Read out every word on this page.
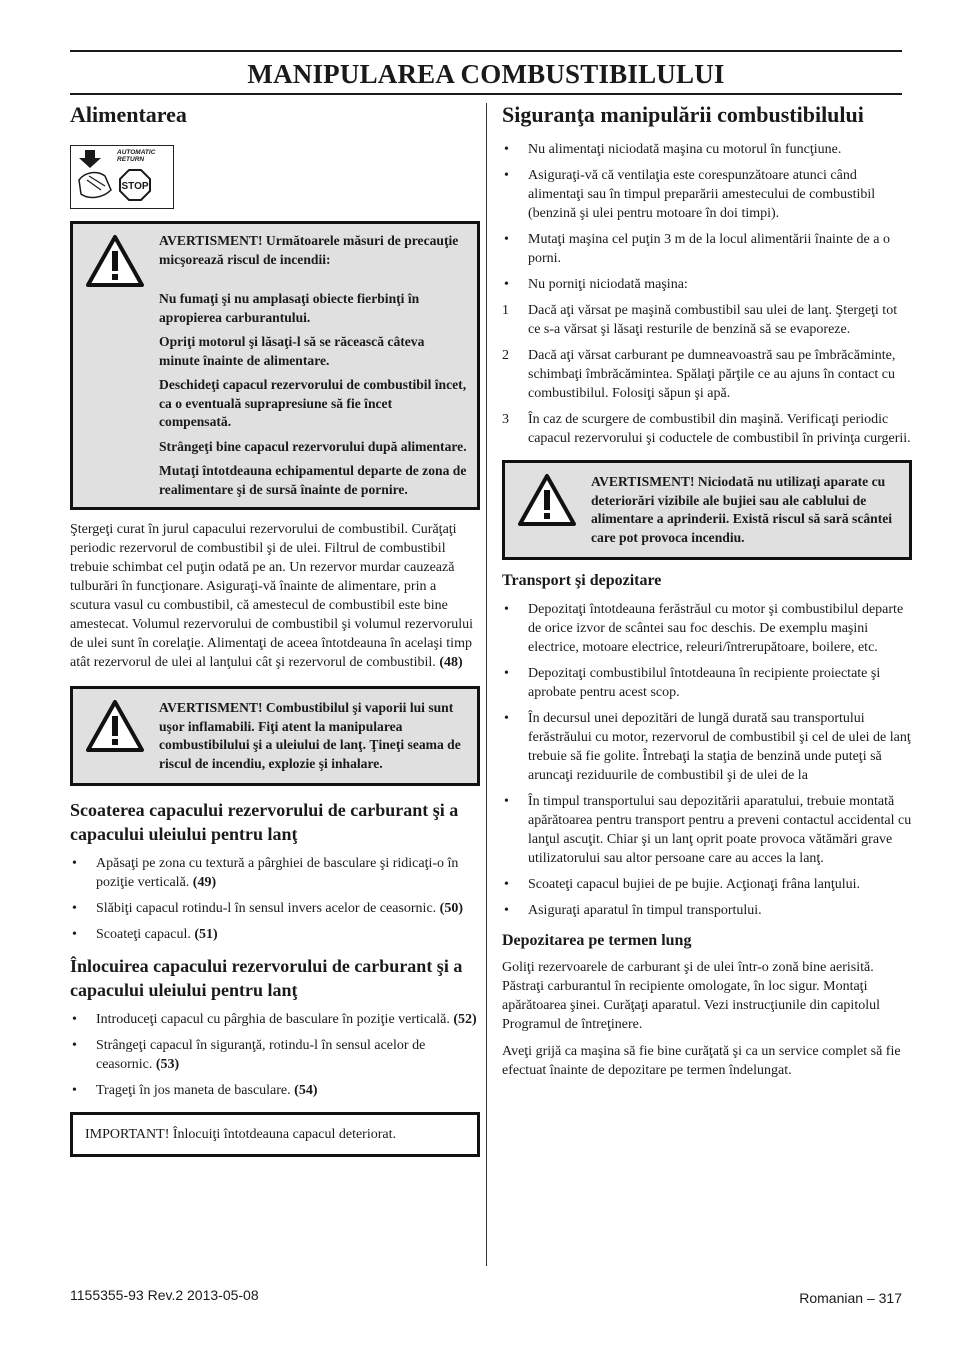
MANIPULAREA COMBUSTIBILULUI
Alimentarea
AUTOMATIC
RETURN
STOP

AVERTISMENT! Următoarele măsuri de precauţie micşorează riscul de incendii:

Nu fumaţi şi nu amplasaţi obiecte fierbinţi în apropierea carburantului.

Opriţi motorul şi lăsaţi-l să se răcească câteva minute înainte de alimentare.

Deschideţi capacul rezervorului de combustibil încet, ca o eventuală suprapresiune să fie încet compensată.

Strângeţi bine capacul rezervorului după alimentare.

Mutaţi întotdeauna echipamentul departe de zona de realimentare şi de sursă înainte de pornire.

Ştergeţi curat în jurul capacului rezervorului de combustibil. Curăţaţi periodic rezervorul de combustibil şi de ulei. Filtrul de combustibil trebuie schimbat cel puţin odată pe an. Un rezervor murdar cauzează tulburări în funcţionare. Asiguraţi-vă înainte de alimentare, prin a scutura vasul cu combustibil, că amestecul de combustibil este bine amestecat. Volumul rezervorului de combustibil şi volumul rezervorului de ulei sunt în corelaţie. Alimentaţi de aceea întotdeauna în acelaşi timp atât rezervorul de ulei al lanţului cât şi rezervorul de combustibil. (48)

AVERTISMENT! Combustibilul şi vaporii lui sunt uşor inflamabili. Fiţi atent la manipularea combustibilului şi a uleiului de lanţ. Ţineţi seama de riscul de incendiu, explozie şi inhalare.

Scoaterea capacului rezervorului de carburant şi a capacului uleiului pentru lanţ
• Apăsaţi pe zona cu textură a pârghiei de basculare şi ridicaţi-o în poziţie verticală. (49)
• Slăbiţi capacul rotindu-l în sensul invers acelor de ceasornic. (50)
• Scoateţi capacul. (51)
Înlocuirea capacului rezervorului de carburant şi a capacului uleiului pentru lanţ
• Introduceţi capacul cu pârghia de basculare în poziţie verticală. (52)
• Strângeţi capacul în siguranţă, rotindu-l în sensul acelor de ceasornic. (53)
• Trageţi în jos maneta de basculare. (54)
IMPORTANT! Înlocuiţi întotdeauna capacul deteriorat.
Siguranţa manipulării combustibilului
• Nu alimentaţi niciodată maşina cu motorul în funcţiune.
• Asiguraţi-vă că ventilaţia este corespunzătoare atunci când alimentaţi sau în timpul preparării amestecului de combustibil (benzină şi ulei pentru motoare în doi timpi).
• Mutaţi maşina cel puţin 3 m de la locul alimentării înainte de a o porni.
• Nu porniţi niciodată maşina:
1 Dacă aţi vărsat pe maşină combustibil sau ulei de lanţ. Ştergeţi tot ce s-a vărsat şi lăsaţi resturile de benzină să se evaporeze.
2 Dacă aţi vărsat carburant pe dumneavoastră sau pe îmbrăcăminte, schimbaţi îmbrăcămintea. Spălaţi părţile ce au ajuns în contact cu combustibilul. Folosiţi săpun şi apă.
3 În caz de scurgere de combustibil din maşină. Verificaţi periodic capacul rezervorului şi coductele de combustibil în privinţa curgerii.

AVERTISMENT! Niciodată nu utilizaţi aparate cu deteriorări vizibile ale bujiei sau ale cablului de alimentare a aprinderii. Există riscul să sară scântei care pot provoca incendiu.

Transport şi depozitare
• Depozitaţi întotdeauna ferăstrăul cu motor şi combustibilul departe de orice izvor de scântei sau foc deschis. De exemplu maşini electrice, motoare electrice, releuri/întrerupătoare, boilere, etc.
• Depozitaţi combustibilul întotdeauna în recipiente proiectate şi aprobate pentru acest scop.
• În decursul unei depozitări de lungă durată sau transportului ferăstrăului cu motor, rezervorul de combustibil şi cel de ulei de lanţ trebuie să fie golite. Întrebaţi la staţia de benzină unde puteţi să aruncaţi reziduurile de combustibil şi de ulei de la
• În timpul transportului sau depozitării aparatului, trebuie montată apărătoarea pentru transport pentru a preveni contactul accidental cu lanţul ascuţit. Chiar şi un lanţ oprit poate provoca vătămări grave utilizatorului sau altor persoane care au acces la lanţ.
• Scoateţi capacul bujiei de pe bujie. Acţionaţi frâna lanţului.
• Asiguraţi aparatul în timpul transportului.
Depozitarea pe termen lung

Goliţi rezervoarele de carburant şi de ulei într-o zonă bine aerisită. Păstraţi carburantul în recipiente omologate, în loc sigur. Montaţi apărătoarea şinei. Curăţaţi aparatul. Vezi instrucţiunile din capitolul Programul de întreţinere.

Aveţi grijă ca maşina să fie bine curăţată şi ca un service complet să fie efectuat înainte de depozitare pe termen îndelungat.

1155355-93 Rev.2 2013-05-08	Romanian – 317
